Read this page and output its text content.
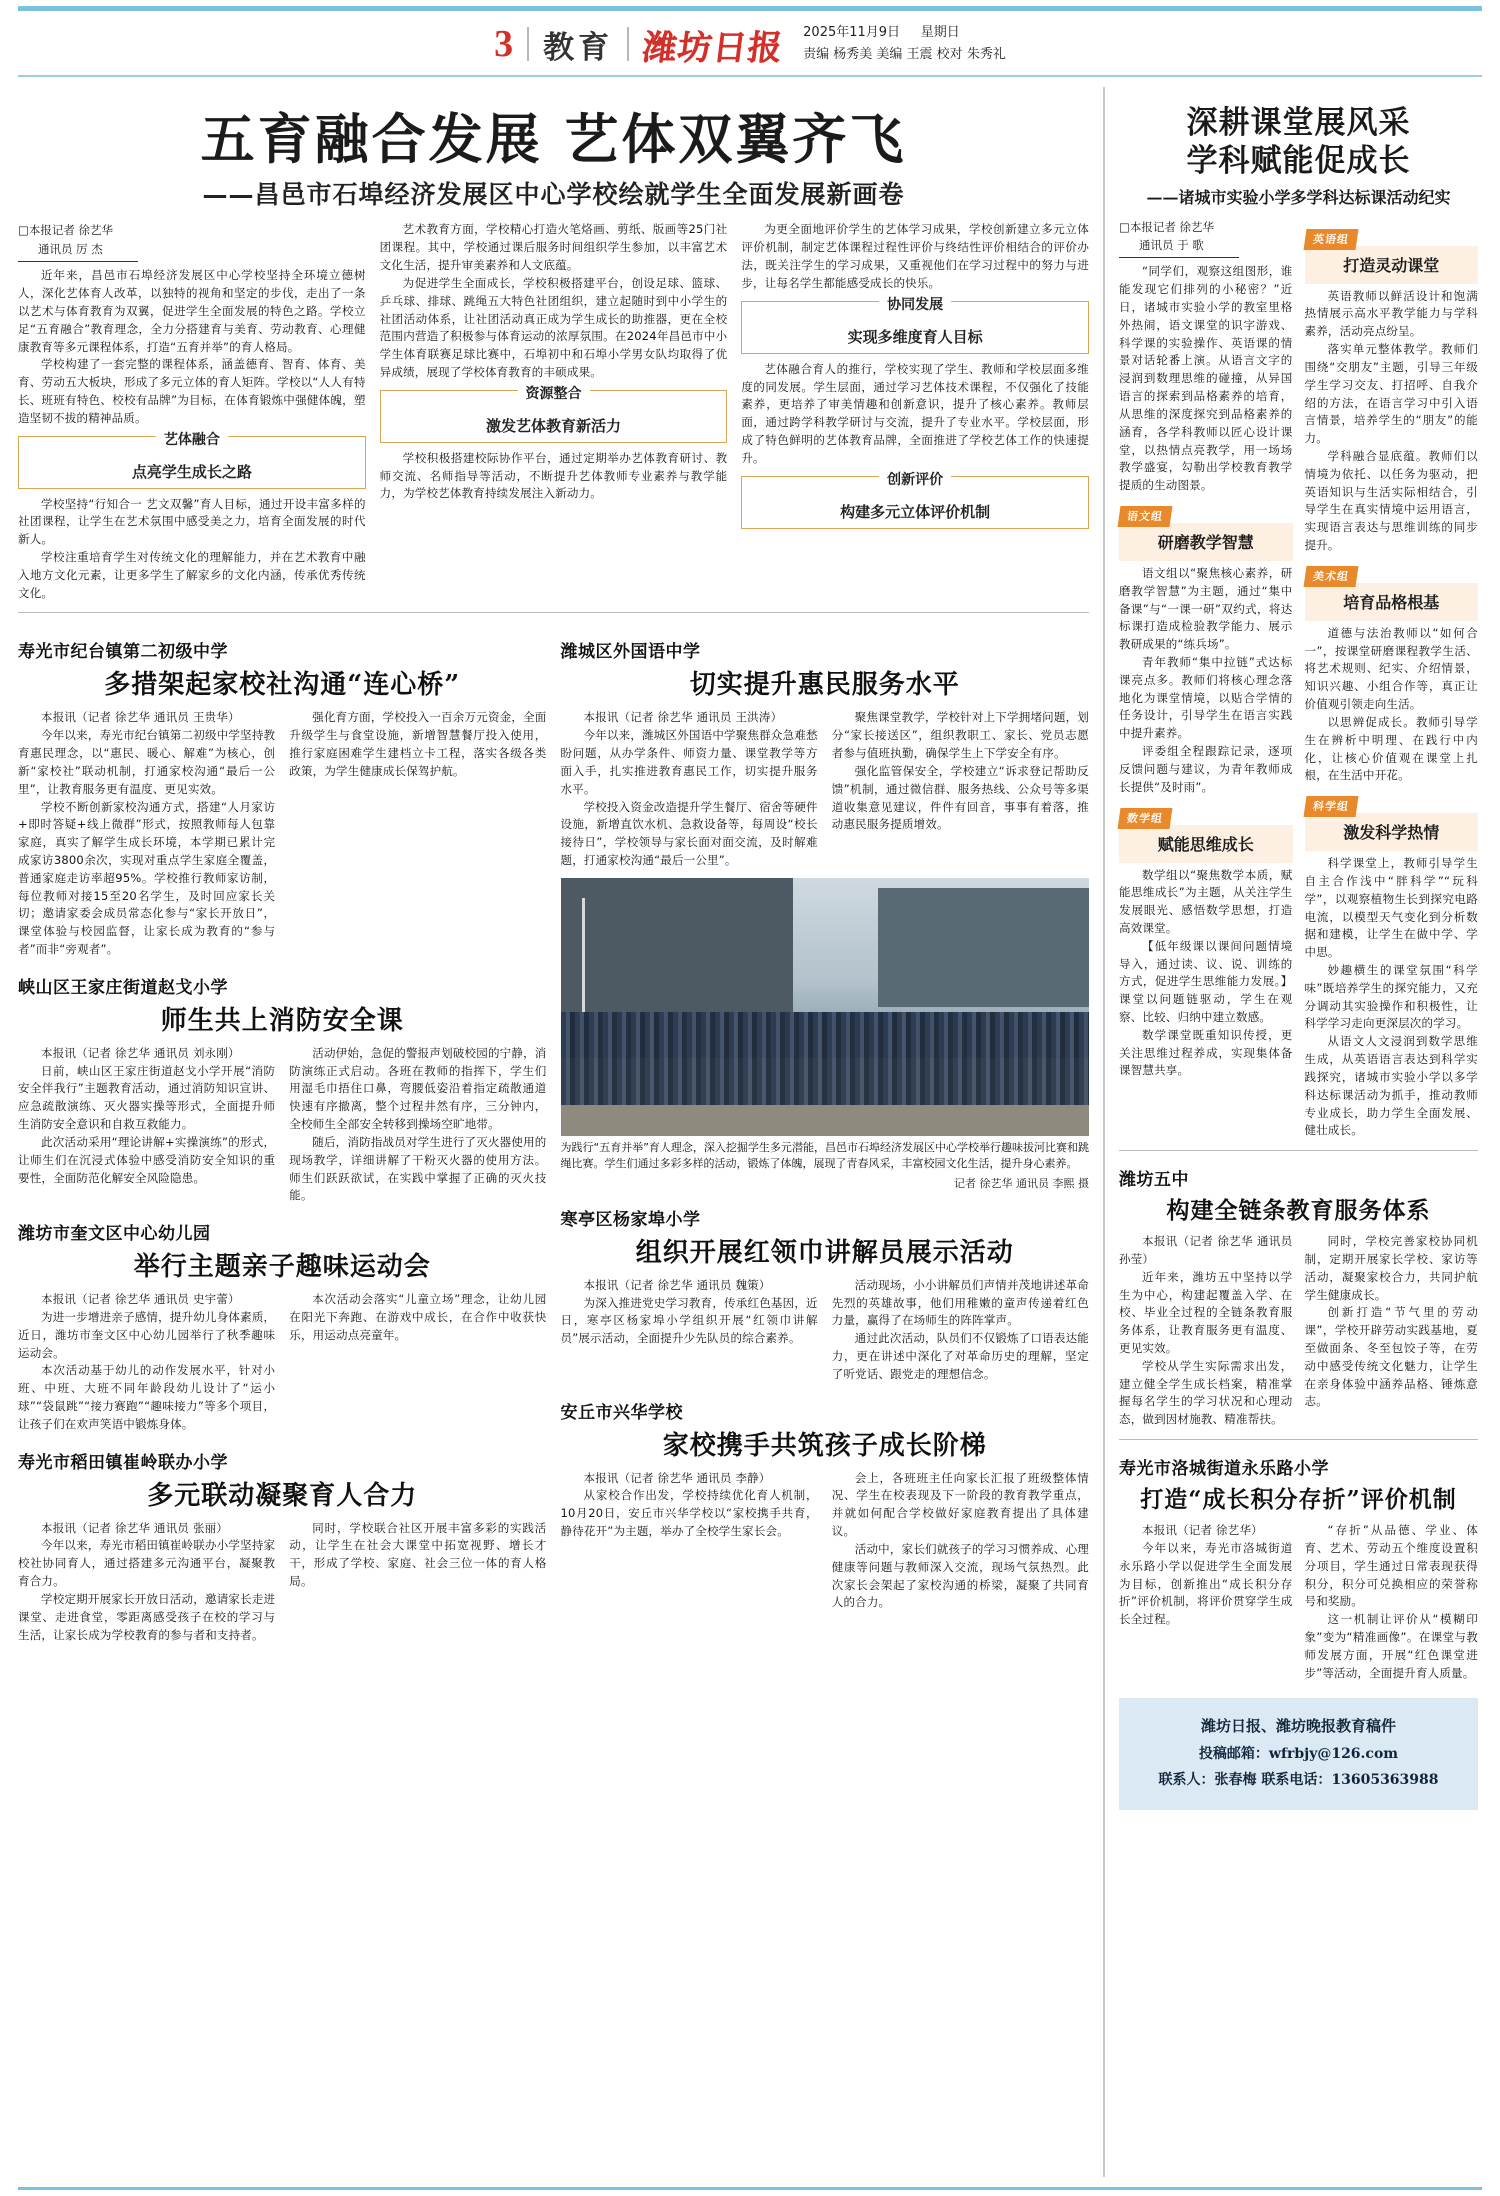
3 教育 潍坊日报 2025年11月9日 星期日
责编 杨秀美 美编 王震 校对 朱秀礼
五育融合发展 艺体双翼齐飞
——昌邑市石埠经济发展区中心学校绘就学生全面发展新画卷
□本报记者 徐艺华
通讯员 厉 杰

近年来，昌邑市石埠经济发展区中心学校坚持全环境立德树人，深化艺体育人改革，以独特的视角和坚定的步伐，走出了一条以艺术与体育教育为双翼，促进学生全面发展的特色之路。学校立足“五育融合”教育理念，全力分搭建育与美育、劳动教育、心理健康教育等多元课程体系，打造“五育并举”的育人格局。

学校构建了一套完整的课程体系，涵盖德育、智育、体育、美育、劳动五大板块，形成了多元立体的育人矩阵。学校以“人人有特长、班班有特色、校校有品牌”为目标，在体育锻炼中强健体魄，塑造坚韧不拔的精神品质。

艺体融合
点亮学生成长之路

学校坚持“行知合一 艺文双馨”育人目标，通过开设丰富多样的社团课程，让学生在艺术氛围中感受美之力，培育全面发展的时代新人。

学校注重培育学生对传统文化的理解能力，并在艺术教育中融入地方文化元素，让更多学生了解家乡的文化内涵，传承优秀传统文化。

艺术教育方面，学校精心打造火笔烙画、剪纸、版画等25门社团课程。其中，学校通过课后服务时间组织学生参加，以丰富艺术文化生活，提升审美素养和人文底蕴。

为促进学生全面成长，学校积极搭建平台，创设足球、篮球、乒乓球、排球、跳绳五大特色社团组织，建立起随时到中小学生的社团活动体系，让社团活动真正成为学生成长的助推器，更在全校范围内营造了积极参与体育运动的浓厚氛围。在2024年昌邑市中小学生体育联赛足球比赛中，石埠初中和石埠小学男女队均取得了优异成绩，展现了学校体育教育的丰硕成果。

资源整合
激发艺体教育新活力

学校积极搭建校际协作平台，通过定期举办艺体教育研讨、教师交流、名师指导等活动，不断提升艺体教师专业素养与教学能力，为学校艺体教育持续发展注入新动力。

为更全面地评价学生的艺体学习成果，学校创新建立多元立体评价机制，制定艺体课程过程性评价与终结性评价相结合的评价办法，既关注学生的学习成果，又重视他们在学习过程中的努力与进步，让每名学生都能感受成长的快乐。

协同发展
实现多维度育人目标

艺体融合育人的推行，学校实现了学生、教师和学校层面多维度的同发展。学生层面，通过学习艺体技术课程，不仅强化了技能素养，更培养了审美情趣和创新意识，提升了核心素养。教师层面，通过跨学科教学研讨与交流，提升了专业水平。学校层面，形成了特色鲜明的艺体教育品牌，全面推进了学校艺体工作的快速提升。

创新评价
构建多元立体评价机制
寿光市纪台镇第二初级中学
多措架起家校社沟通“连心桥”

本报讯（记者 徐艺华 通讯员 王贵华）

今年以来，寿光市纪台镇第二初级中学坚持教育惠民理念，以“惠民、暖心、解难”为核心，创新“家校社”联动机制，打通家校沟通“最后一公里”，让教育服务更有温度、更见实效。

学校不断创新家校沟通方式，搭建“人月家访+即时答疑+线上微群”形式，按照教师每人包靠家庭，真实了解学生成长环境，本学期已累计完成家访3800余次，实现对重点学生家庭全覆盖，普通家庭走访率超95%。学校推行教师家访制，每位教师对接15至20名学生，及时回应家长关切；邀请家委会成员常态化参与“家长开放日”，课堂体验与校园监督，让家长成为教育的“参与者”而非“旁观者”。

强化育方面，学校投入一百余万元资金，全面升级学生与食堂设施，新增智慧餐厅投入使用，推行家庭困难学生建档立卡工程，落实各级各类政策，为学生健康成长保驾护航。

峡山区王家庄街道赵戈小学
师生共上消防安全课

本报讯（记者 徐艺华 通讯员 刘永刚）

日前，峡山区王家庄街道赵戈小学开展“消防安全伴我行”主题教育活动，通过消防知识宣讲、应急疏散演练、灭火器实操等形式，全面提升师生消防安全意识和自救互救能力。

此次活动采用“理论讲解+实操演练”的形式，让师生们在沉浸式体验中感受消防安全知识的重要性，全面防范化解安全风险隐患。

活动伊始，急促的警报声划破校园的宁静，消防演练正式启动。各班在教师的指挥下，学生们用湿毛巾捂住口鼻，弯腰低姿沿着指定疏散通道快速有序撤离，整个过程井然有序，三分钟内，全校师生全部安全转移到操场空旷地带。

随后，消防指战员对学生进行了灭火器使用的现场教学，详细讲解了干粉灭火器的使用方法。师生们跃跃欲试，在实践中掌握了正确的灭火技能。

潍坊市奎文区中心幼儿园
举行主题亲子趣味运动会

本报讯（记者 徐艺华 通讯员 史宇蕾）

为进一步增进亲子感情，提升幼儿身体素质，近日，潍坊市奎文区中心幼儿园举行了秋季趣味运动会。

本次活动基于幼儿的动作发展水平，针对小班、中班、大班不同年龄段幼儿设计了“运小球”“袋鼠跳”“接力赛跑”“趣味接力”等多个项目，让孩子们在欢声笑语中锻炼身体。

本次活动会落实“儿童立场”理念，让幼儿园在阳光下奔跑、在游戏中成长，在合作中收获快乐，用运动点亮童年。

寿光市稻田镇崔岭联办小学
多元联动凝聚育人合力

本报讯（记者 徐艺华 通讯员 张丽）

今年以来，寿光市稻田镇崔岭联办小学坚持家校社协同育人，通过搭建多元沟通平台，凝聚教育合力。

学校定期开展家长开放日活动，邀请家长走进课堂、走进食堂，零距离感受孩子在校的学习与生活，让家长成为学校教育的参与者和支持者。

同时，学校联合社区开展丰富多彩的实践活动，让学生在社会大课堂中拓宽视野、增长才干，形成了学校、家庭、社会三位一体的育人格局。

潍城区外国语中学
切实提升惠民服务水平

本报讯（记者 徐艺华 通讯员 王洪涛）

今年以来，潍城区外国语中学聚焦群众急难愁盼问题，从办学条件、师资力量、课堂教学等方面入手，扎实推进教育惠民工作，切实提升服务水平。

学校投入资金改造提升学生餐厅、宿舍等硬件设施，新增直饮水机、急救设备等，每周设“校长接待日”，学校领导与家长面对面交流，及时解难题，打通家校沟通“最后一公里”。

聚焦课堂教学，学校针对上下学拥堵问题，划分“家长接送区”，组织教职工、家长、党员志愿者参与值班执勤，确保学生上下学安全有序。

强化监管保安全，学校建立“诉求登记帮助反馈”机制，通过微信群、服务热线、公众号等多渠道收集意见建议，件件有回音，事事有着落，推动惠民服务提质增效。

为践行“五育并举”育人理念，深入挖掘学生多元潜能，昌邑市石埠经济发展区中心学校举行趣味拔河比赛和跳绳比赛。学生们通过多彩多样的活动，锻炼了体魄，展现了青春风采，丰富校园文化生活，提升身心素养。
记者 徐艺华 通讯员 李熙 摄
寒亭区杨家埠小学
组织开展红领巾讲解员展示活动

本报讯（记者 徐艺华 通讯员 魏策）

为深入推进党史学习教育，传承红色基因，近日，寒亭区杨家埠小学组织开展“红领巾讲解员”展示活动，全面提升少先队员的综合素养。

活动现场，小小讲解员们声情并茂地讲述革命先烈的英雄故事，他们用稚嫩的童声传递着红色力量，赢得了在场师生的阵阵掌声。

通过此次活动，队员们不仅锻炼了口语表达能力，更在讲述中深化了对革命历史的理解，坚定了听党话、跟党走的理想信念。

安丘市兴华学校
家校携手共筑孩子成长阶梯

本报讯（记者 徐艺华 通讯员 李静）

从家校合作出发，学校持续优化育人机制，10月20日，安丘市兴华学校以“家校携手共育，静待花开”为主题，举办了全校学生家长会。

会上，各班班主任向家长汇报了班级整体情况、学生在校表现及下一阶段的教育教学重点，并就如何配合学校做好家庭教育提出了具体建议。

活动中，家长们就孩子的学习习惯养成、心理健康等问题与教师深入交流，现场气氛热烈。此次家长会架起了家校沟通的桥梁，凝聚了共同育人的合力。

深耕课堂展风采
学科赋能促成长
——诸城市实验小学多学科达标课活动纪实
□本报记者 徐艺华
通讯员 于 歌

“同学们，观察这组图形，谁能发现它们排列的小秘密？”近日，诸城市实验小学的教室里格外热闹，语文课堂的识字游戏、科学课的实验操作、英语课的情景对话轮番上演。从语言文字的浸润到数理思维的碰撞，从异国语言的探索到品格素养的培育，从思维的深度探究到品格素养的涵育，各学科教师以匠心设计课堂，以热情点亮教学，用一场场教学盛宴，勾勒出学校教育教学提质的生动图景。

语文组
研磨教学智慧

语文组以“聚焦核心素养，研磨教学智慧”为主题，通过“集中备课”与“一课一研”双约式，将达标课打造成检验教学能力、展示教研成果的“练兵场”。

青年教师“集中拉链”式达标课亮点多。教师们将核心理念落地化为课堂情境，以贴合学情的任务设计，引导学生在语言实践中提升素养。

评委组全程跟踪记录，逐项反馈问题与建议，为青年教师成长提供“及时雨”。

数学组
赋能思维成长

数学组以“聚焦数学本质，赋能思维成长”为主题，从关注学生发展眼光、感悟数学思想，打造高效课堂。

【低年级课以课间问题情境导入，通过读、议、说、训练的方式，促进学生思维能力发展。】课堂以问题链驱动，学生在观察、比较、归纳中建立数感。

数学课堂既重知识传授，更关注思维过程养成，实现集体备课智慧共享。

英语组
打造灵动课堂

英语教师以鲜活设计和饱满热情展示高水平教学能力与学科素养，活动亮点纷呈。

落实单元整体教学。教师们围绕“交朋友”主题，引导三年级学生学习交友、打招呼、自我介绍的方法，在语言学习中引入语言情景，培养学生的“朋友”的能力。

学科融合显底蕴。教师们以情境为依托、以任务为驱动，把英语知识与生活实际相结合，引导学生在真实情境中运用语言，实现语言表达与思维训练的同步提升。

美术组
培育品格根基

道德与法治教师以“如何合一”，按课堂研磨课程教学生活、将艺术规则、纪实、介绍情景，知识兴趣、小组合作等，真正让价值观引领走向生活。

以思辨促成长。教师引导学生在辨析中明理、在践行中内化，让核心价值观在课堂上扎根，在生活中开花。

科学组
激发科学热情

科学课堂上，教师引导学生自主合作浅中“胖科学”“玩科学”，以观察植物生长到探究电路电流，以模型天气变化到分析数据和建模，让学生在做中学、学中思。

妙趣横生的课堂氛围“科学味”既培养学生的探究能力，又充分调动其实验操作和积极性，让科学学习走向更深层次的学习。

从语文人文浸润到数学思维生成，从英语语言表达到科学实践探究，诸城市实验小学以多学科达标课活动为抓手，推动教师专业成长，助力学生全面发展、健壮成长。

潍坊五中
构建全链条教育服务体系

本报讯（记者 徐艺华 通讯员 孙莹）

近年来，潍坊五中坚持以学生为中心，构建起覆盖入学、在校、毕业全过程的全链条教育服务体系，让教育服务更有温度、更见实效。

学校从学生实际需求出发，建立健全学生成长档案，精准掌握每名学生的学习状况和心理动态，做到因材施教、精准帮扶。

同时，学校完善家校协同机制，定期开展家长学校、家访等活动，凝聚家校合力，共同护航学生健康成长。

创新打造“节气里的劳动课”，学校开辟劳动实践基地，夏至做面条、冬至包饺子等，在劳动中感受传统文化魅力，让学生在亲身体验中涵养品格、锤炼意志。

寿光市洛城街道永乐路小学
打造“成长积分存折”评价机制

本报讯（记者 徐艺华）

今年以来，寿光市洛城街道永乐路小学以促进学生全面发展为目标，创新推出“成长积分存折”评价机制，将评价贯穿学生成长全过程。

“存折”从品德、学业、体育、艺术、劳动五个维度设置积分项目，学生通过日常表现获得积分，积分可兑换相应的荣誉称号和奖励。

这一机制让评价从“模糊印象”变为“精准画像”。在课堂与教师发展方面，开展“红色课堂进步”等活动，全面提升育人质量。

潍坊日报、潍坊晚报教育稿件
投稿邮箱：wfrbjy@126.com
联系人：张春梅 联系电话：13605363988
